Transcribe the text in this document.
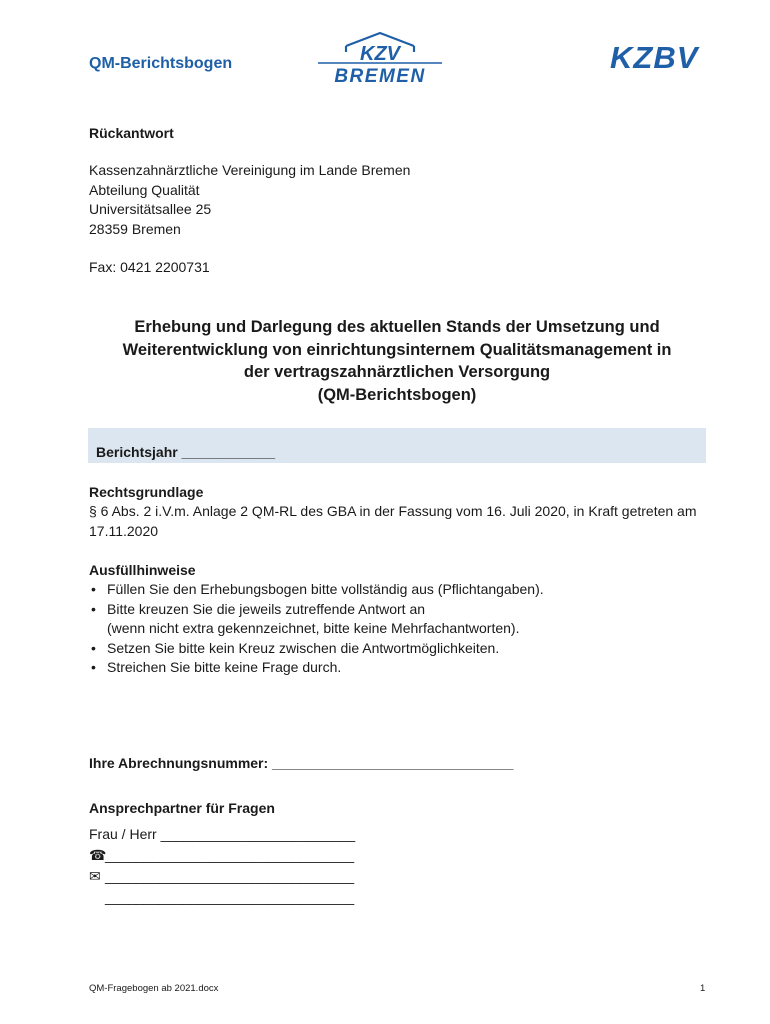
QM-Berichtsbogen	KZV
BREMEN
KZBV
Rückantwort
Kassenzahnärztliche Vereinigung im Lande Bremen
Abteilung Qualität
Universitätsallee 25
28359 Bremen
Fax: 0421 2200731
Erhebung und Darlegung des aktuellen Stands der Umsetzung und
Weiterentwicklung von einrichtungsinternem Qualitätsmanagement in
der vertragszahnärztlichen Versorgung
(QM-Berichtsbogen)
Berichtsjahr ____________
Rechtsgrundlage
§ 6 Abs. 2 i.V.m. Anlage 2 QM-RL des GBA in der Fassung vom 16. Juli 2020, in Kraft getreten am 17.11.2020
Ausfüllhinweise
• Füllen Sie den Erhebungsbogen bitte vollständig aus (Pflichtangaben).
• Bitte kreuzen Sie die jeweils zutreffende Antwort an
(wenn nicht extra gekennzeichnet, bitte keine Mehrfachantworten).
• Setzen Sie bitte kein Kreuz zwischen die Antwortmöglichkeiten.
• Streichen Sie bitte keine Frage durch.
Ihre Abrechnungsnummer: _______________________________
Ansprechpartner für Fragen
Frau / Herr _________________________
☎________________________________
✉ ________________________________
________________________________
QM-Fragebogen ab 2021.docx	1
